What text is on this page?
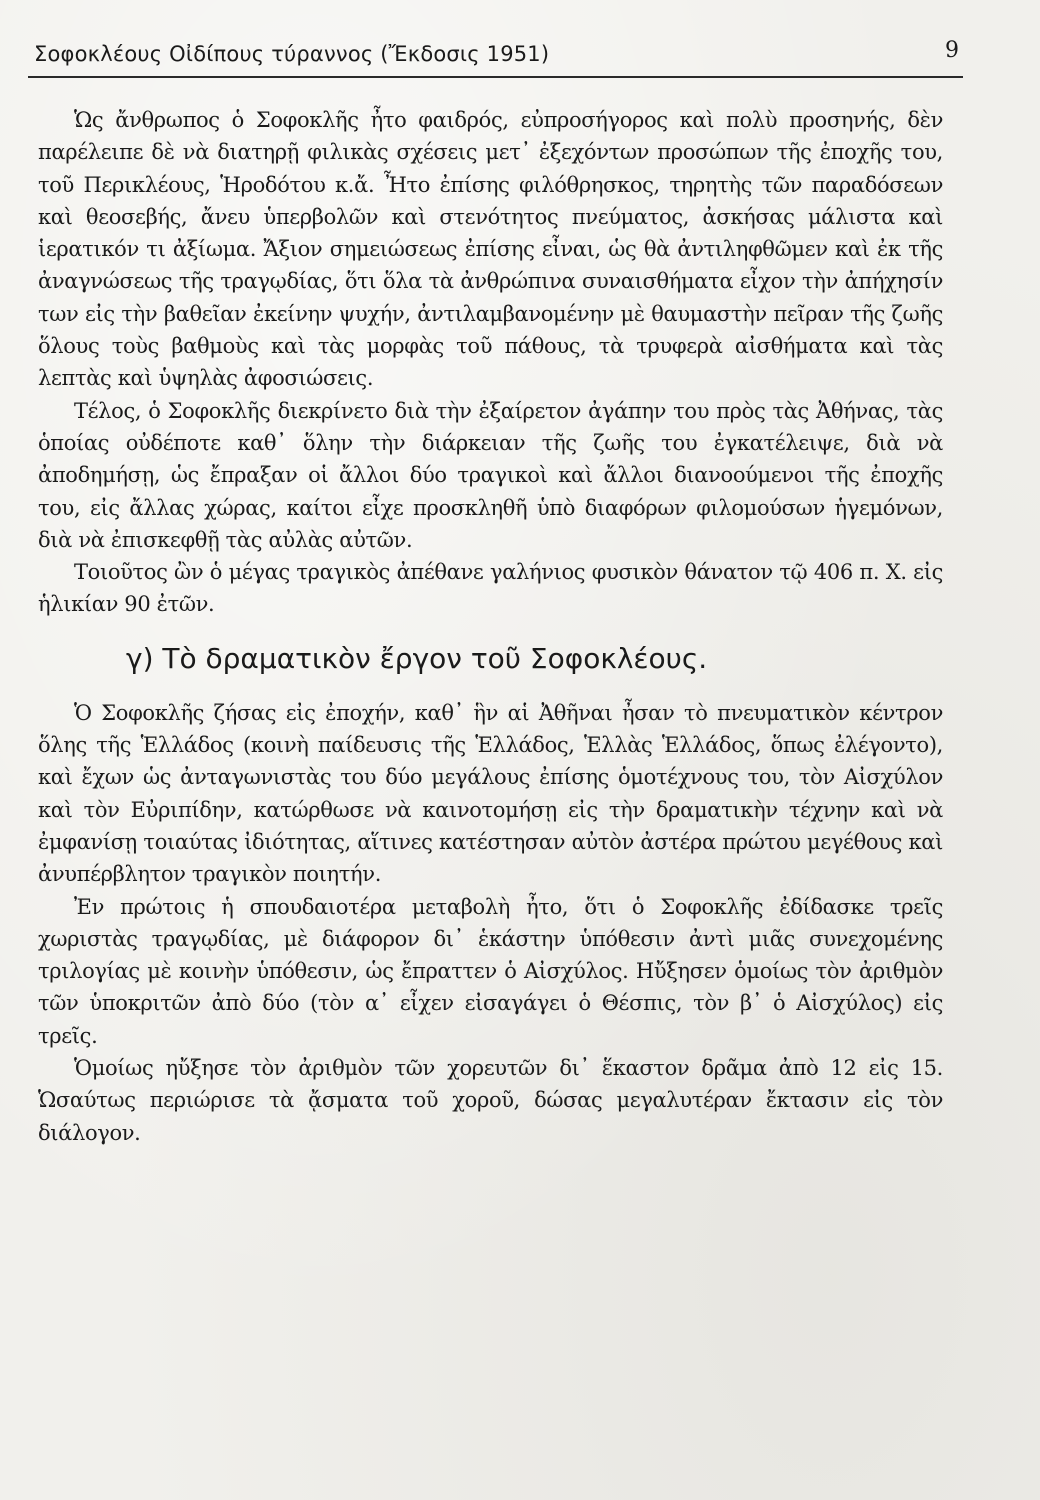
Σοφοκλέους Οἰδίπους τύραννος (Ἔκδοσις 1951)	9

Ὡς ἄνθρωπος ὁ Σοφοκλῆς ἦτο φαιδρός, εὐπροσήγορος καὶ πολὺ προσηνής, δὲν παρέλειπε δὲ νὰ διατηρῇ φιλικὰς σχέσεις μετ᾽ ἐξεχόντων προσώπων τῆς ἐποχῆς του, τοῦ Περικλέους, Ἡροδότου κ.ἄ. Ἦτο ἐπίσης φιλόθρησκος, τηρητὴς τῶν παραδόσεων καὶ θεοσεβής, ἄνευ ὑπερβολῶν καὶ στενότητος πνεύματος, ἀσκήσας μάλιστα καὶ ἱερατικόν τι ἀξίωμα. Ἄξιον σημειώσεως ἐπίσης εἶναι, ὡς θὰ ἀντιληφθῶμεν καὶ ἐκ τῆς ἀναγνώσεως τῆς τραγῳδίας, ὅτι ὅλα τὰ ἀνθρώπινα συναισθήματα εἶχον τὴν ἀπήχησίν των εἰς τὴν βαθεῖαν ἐκείνην ψυχήν, ἀντιλαμβανομένην μὲ θαυμαστὴν πεῖραν τῆς ζωῆς ὅλους τοὺς βαθμοὺς καὶ τὰς μορφὰς τοῦ πάθους, τὰ τρυφερὰ αἰσθήματα καὶ τὰς λεπτὰς καὶ ὑψηλὰς ἀφοσιώσεις.

Τέλος, ὁ Σοφοκλῆς διεκρίνετο διὰ τὴν ἐξαίρετον ἀγάπην του πρὸς τὰς Ἀθήνας, τὰς ὁποίας οὐδέποτε καθ᾽ ὅλην τὴν διάρκειαν τῆς ζωῆς του ἐγκατέλειψε, διὰ νὰ ἀποδημήσῃ, ὡς ἔπραξαν οἱ ἄλλοι δύο τραγικοὶ καὶ ἄλλοι διανοούμενοι τῆς ἐποχῆς του, εἰς ἄλλας χώρας, καίτοι εἶχε προσκληθῆ ὑπὸ διαφόρων φιλομούσων ἡγεμόνων, διὰ νὰ ἐπισκεφθῇ τὰς αὐλὰς αὐτῶν.

Τοιοῦτος ὢν ὁ μέγας τραγικὸς ἀπέθανε γαλήνιος φυσικὸν θάνατον τῷ 406 π. Χ. εἰς ἡλικίαν 90 ἐτῶν.

γ) Τὸ δραματικὸν ἔργον τοῦ Σοφοκλέους.

Ὁ Σοφοκλῆς ζήσας εἰς ἐποχήν, καθ᾽ ἣν αἱ Ἀθῆναι ἦσαν τὸ πνευματικὸν κέντρον ὅλης τῆς Ἑλλάδος (κοινὴ παίδευσις τῆς Ἑλλάδος, Ἑλλὰς Ἑλλάδος, ὅπως ἐλέγοντο), καὶ ἔχων ὡς ἀνταγωνιστὰς του δύο μεγάλους ἐπίσης ὁμοτέχνους του, τὸν Αἰσχύλον καὶ τὸν Εὐριπίδην, κατώρθωσε νὰ καινοτομήσῃ εἰς τὴν δραματικὴν τέχνην καὶ νὰ ἐμφανίσῃ τοιαύτας ἰδιότητας, αἵτινες κατέστησαν αὐτὸν ἀστέρα πρώτου μεγέθους καὶ ἀνυπέρβλητον τραγικὸν ποιητήν.

Ἐν πρώτοις ἡ σπουδαιοτέρα μεταβολὴ ἦτο, ὅτι ὁ Σοφοκλῆς ἐδίδασκε τρεῖς χωριστὰς τραγῳδίας, μὲ διάφορον δι᾽ ἑκάστην ὑπόθεσιν ἀντὶ μιᾶς συνεχομένης τριλογίας μὲ κοινὴν ὑπόθεσιν, ὡς ἔπραττεν ὁ Αἰσχύλος. Ηὔξησεν ὁμοίως τὸν ἀριθμὸν τῶν ὑποκριτῶν ἀπὸ δύο (τὸν α᾽ εἶχεν εἰσαγάγει ὁ Θέσπις, τὸν β᾽ ὁ Αἰσχύλος) εἰς τρεῖς.

Ὁμοίως ηὔξησε τὸν ἀριθμὸν τῶν χορευτῶν δι᾽ ἕκαστον δρᾶμα ἀπὸ 12 εἰς 15. Ὡσαύτως περιώρισε τὰ ᾄσματα τοῦ χοροῦ, δώσας μεγαλυτέραν ἔκτασιν εἰς τὸν διάλογον.
